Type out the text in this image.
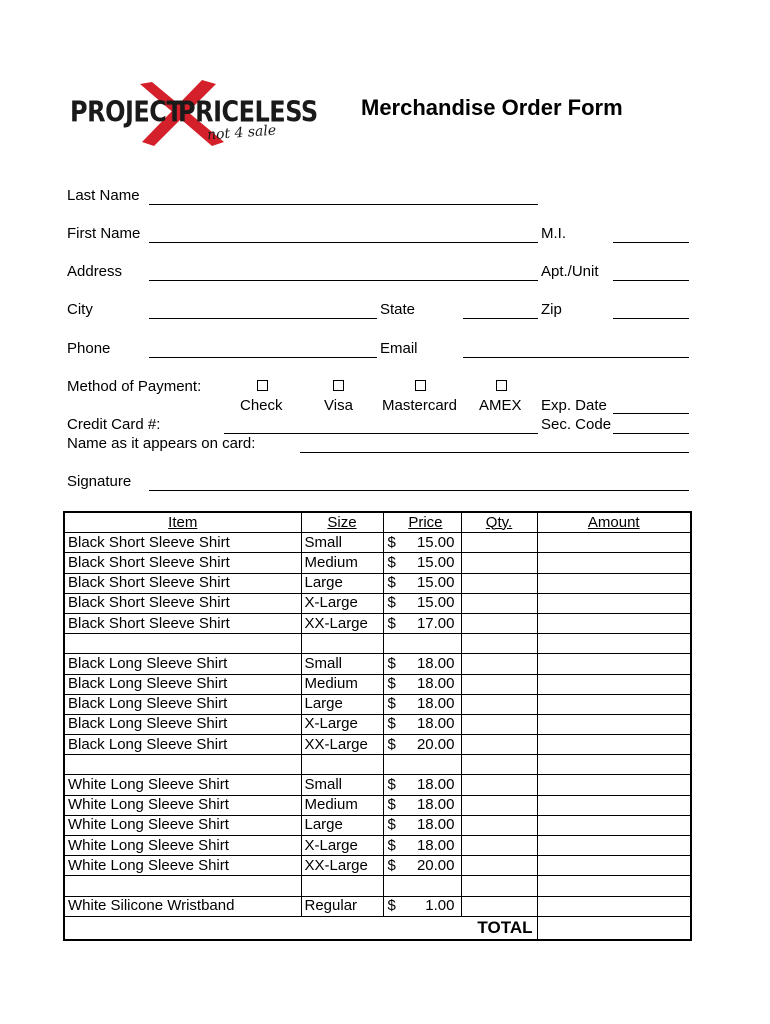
PROJECT
PRICELESS
not 4 sale
Merchandise Order Form
Last Name
First Name	M.I.
Address	Apt./Unit
City	State	Zip
Phone	Email
Method of Payment:
Check	Visa Mastercard AMEX Exp. Date
Credit Card #:	Sec. Code
Name as it appears on card:
Signature
Item	Size	Price		Qty.	Amount
Black Short Sleeve Shirt	Small	$	15.00		
Black Short Sleeve Shirt	Medium	$	15.00		
Black Short Sleeve Shirt	Large	$	15.00		
Black Short Sleeve Shirt	X-Large	$	15.00		
Black Short Sleeve Shirt	XX-Large	$	17.00		

Black Long Sleeve Shirt	Small	$	18.00		
Black Long Sleeve Shirt	Medium	$	18.00		
Black Long Sleeve Shirt	Large	$	18.00		
Black Long Sleeve Shirt	X-Large	$	18.00		
Black Long Sleeve Shirt	XX-Large	$	20.00		

White Long Sleeve Shirt	Small	$	18.00		
White Long Sleeve Shirt	Medium	$	18.00		
White Long Sleeve Shirt	Large	$	18.00		
White Long Sleeve Shirt	X-Large	$	18.00		
White Long Sleeve Shirt	XX-Large	$	20.00		

White Silicone Wristband	Regular	$	1.00		
TOTAL					
